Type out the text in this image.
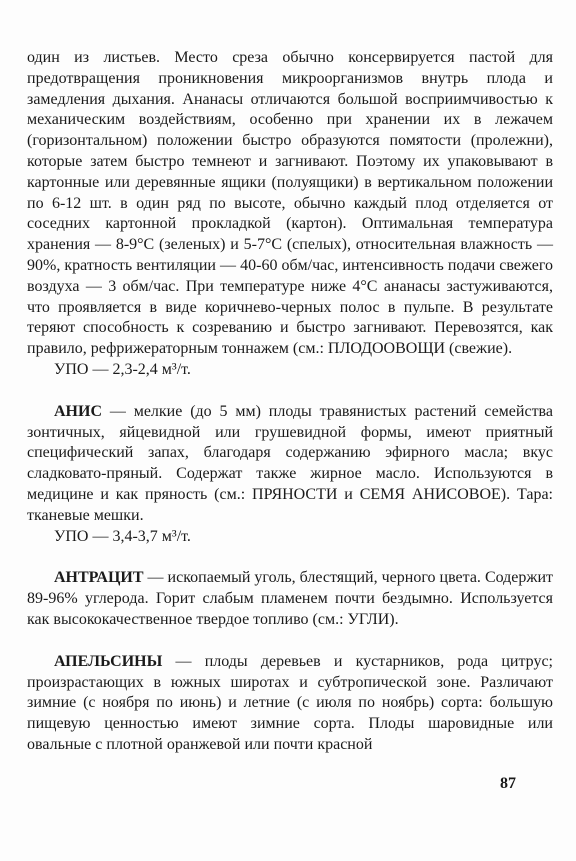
один из листьев. Место среза обычно консервируется пастой для предотвращения проникновения микроорганизмов внутрь плода и замедления дыхания. Ананасы отличаются большой восприимчивостью к механическим воздействиям, особенно при хранении их в лежачем (горизонтальном) положении быстро образуются помятости (пролежни), которые затем быстро темнеют и загнивают. Поэтому их упаковывают в картонные или деревянные ящики (полуящики) в вертикальном положении по 6-12 шт. в один ряд по высоте, обычно каждый плод отделяется от соседних картонной прокладкой (картон). Оптимальная температура хранения — 8-9°С (зеленых) и 5-7°С (спелых), относительная влажность — 90%, кратность вентиляции — 40-60 обм/час, интенсивность подачи свежего воздуха — 3 обм/час. При температуре ниже 4°С ананасы застуживаются, что проявляется в виде коричнево-черных полос в пульпе. В результате теряют способность к созреванию и быстро загнивают. Перевозятся, как правило, рефрижераторным тоннажем (см.: ПЛОДООВОЩИ (свежие).

УПО — 2,3-2,4 м³/т.

АНИС — мелкие (до 5 мм) плоды травянистых растений семейства зонтичных, яйцевидной или грушевидной формы, имеют приятный специфический запах, благодаря содержанию эфирного масла; вкус сладковато-пряный. Содержат также жирное масло. Используются в медицине и как пряность (см.: ПРЯНОСТИ и СЕМЯ АНИСОВОЕ). Тара: тканевые мешки.

УПО — 3,4-3,7 м³/т.

АНТРАЦИТ — ископаемый уголь, блестящий, черного цвета. Содержит 89-96% углерода. Горит слабым пламенем почти бездымно. Используется как высококачественное твердое топливо (см.: УГЛИ).

АПЕЛЬСИНЫ — плоды деревьев и кустарников, рода цитрус; произрастающих в южных широтах и субтропической зоне. Различают зимние (с ноября по июнь) и летние (с июля по ноябрь) сорта: большую пищевую ценностью имеют зимние сорта. Плоды шаровидные или овальные с плотной оранжевой или почти красной

87
